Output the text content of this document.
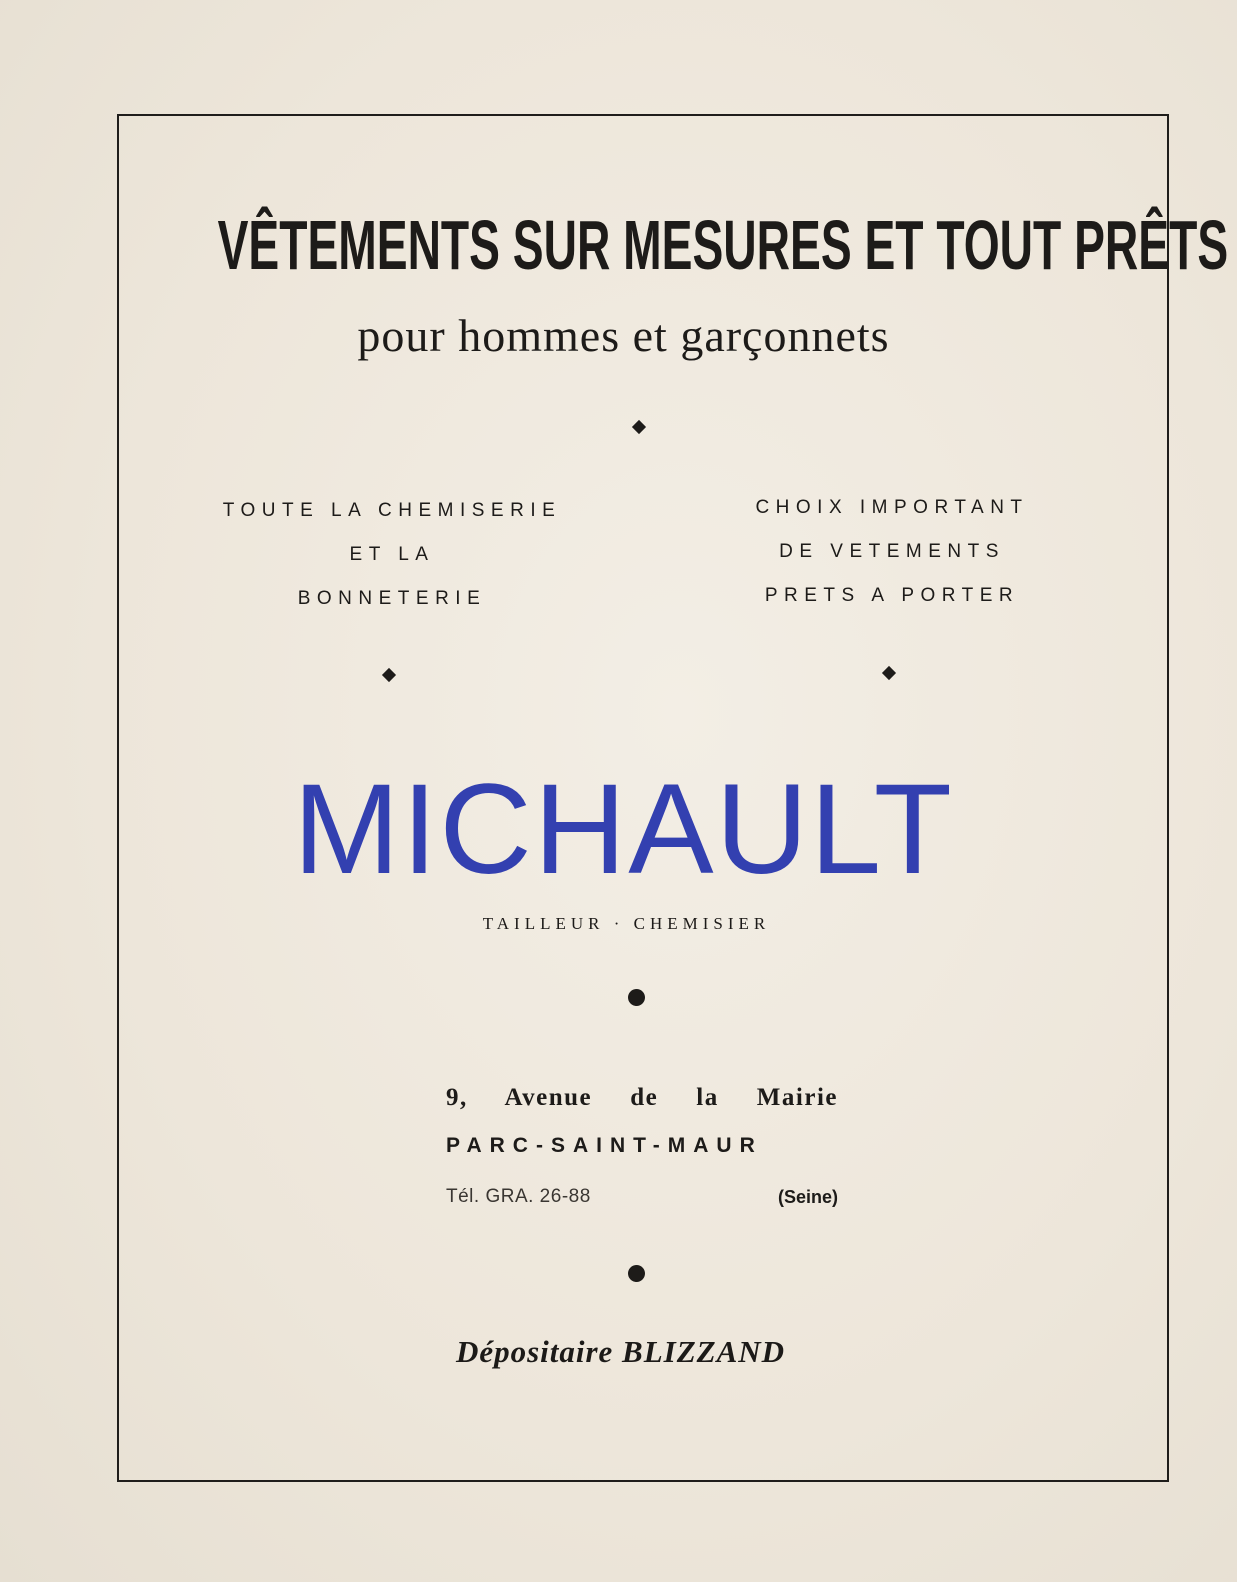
VÊTEMENTS SUR MESURES ET TOUT PRÊTS
pour hommes et garçonnets
TOUTE LA CHEMISERIE
ET LA
BONNETERIE
CHOIX IMPORTANT
DE VETEMENTS
PRETS A PORTER
MICHAULT
TAILLEUR · CHEMISIER
9, Avenue de la Mairie
PARC-SAINT-MAUR
Tél. GRA. 26-88	(Seine)
Dépositaire BLIZZAND
